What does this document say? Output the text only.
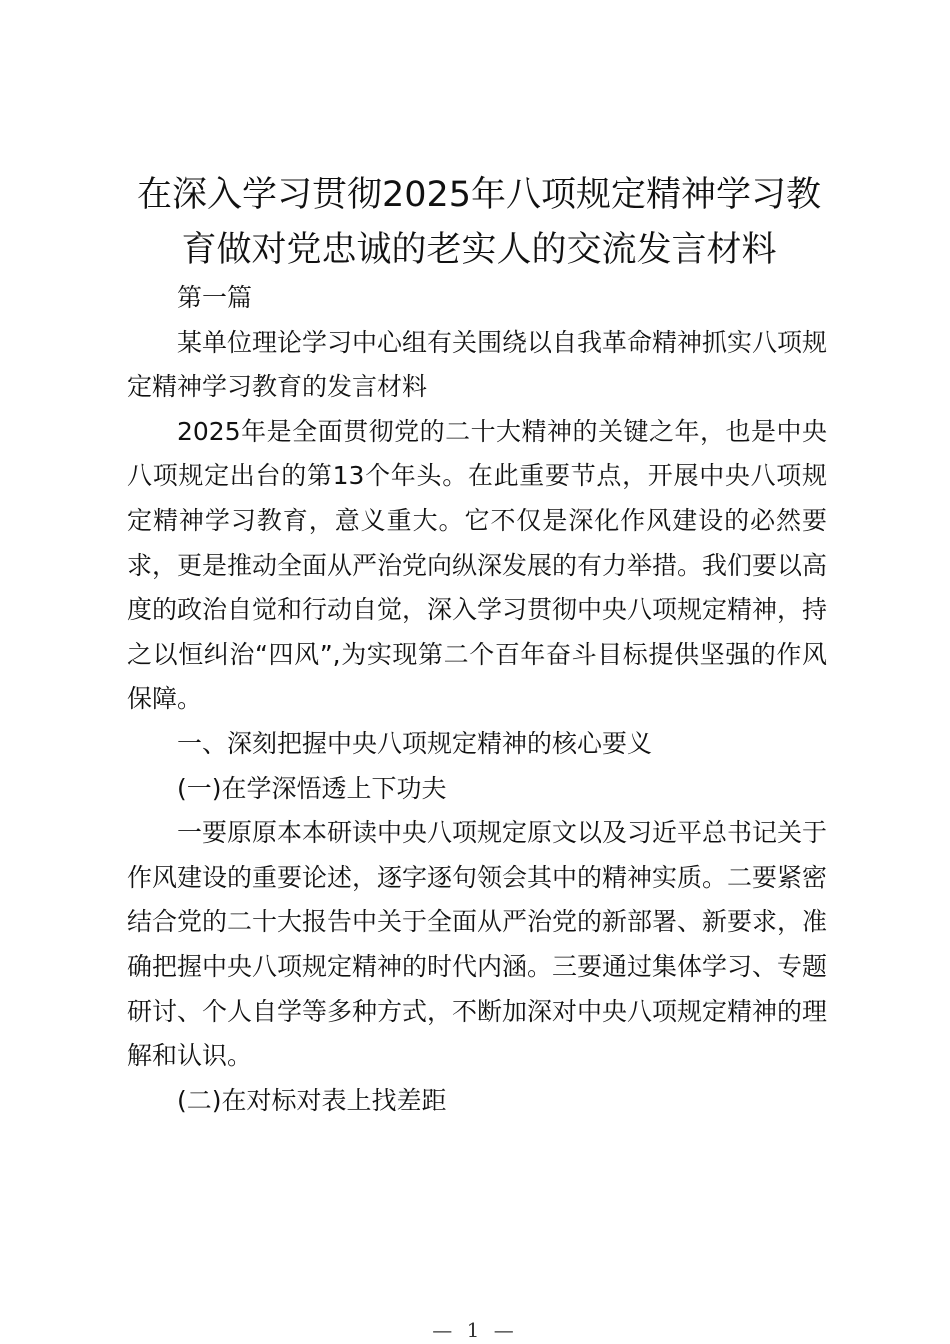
在深入学习贯彻2025年八项规定精神学习教育做对党忠诚的老实人的交流发言材料

第一篇

某单位理论学习中心组有关围绕以自我革命精神抓实八项规定精神学习教育的发言材料

2025年是全面贯彻党的二十大精神的关键之年，也是中央八项规定出台的第13个年头。在此重要节点，开展中央八项规定精神学习教育，意义重大。它不仅是深化作风建设的必然要求，更是推动全面从严治党向纵深发展的有力举措。我们要以高度的政治自觉和行动自觉，深入学习贯彻中央八项规定精神，持之以恒纠治“四风”,为实现第二个百年奋斗目标提供坚强的作风保障。

一、深刻把握中央八项规定精神的核心要义

(一)在学深悟透上下功夫

一要原原本本研读中央八项规定原文以及习近平总书记关于作风建设的重要论述，逐字逐句领会其中的精神实质。二要紧密结合党的二十大报告中关于全面从严治党的新部署、新要求，准确把握中央八项规定精神的时代内涵。三要通过集体学习、专题研讨、个人自学等多种方式，不断加深对中央八项规定精神的理解和认识。

(二)在对标对表上找差距

— 1 —
